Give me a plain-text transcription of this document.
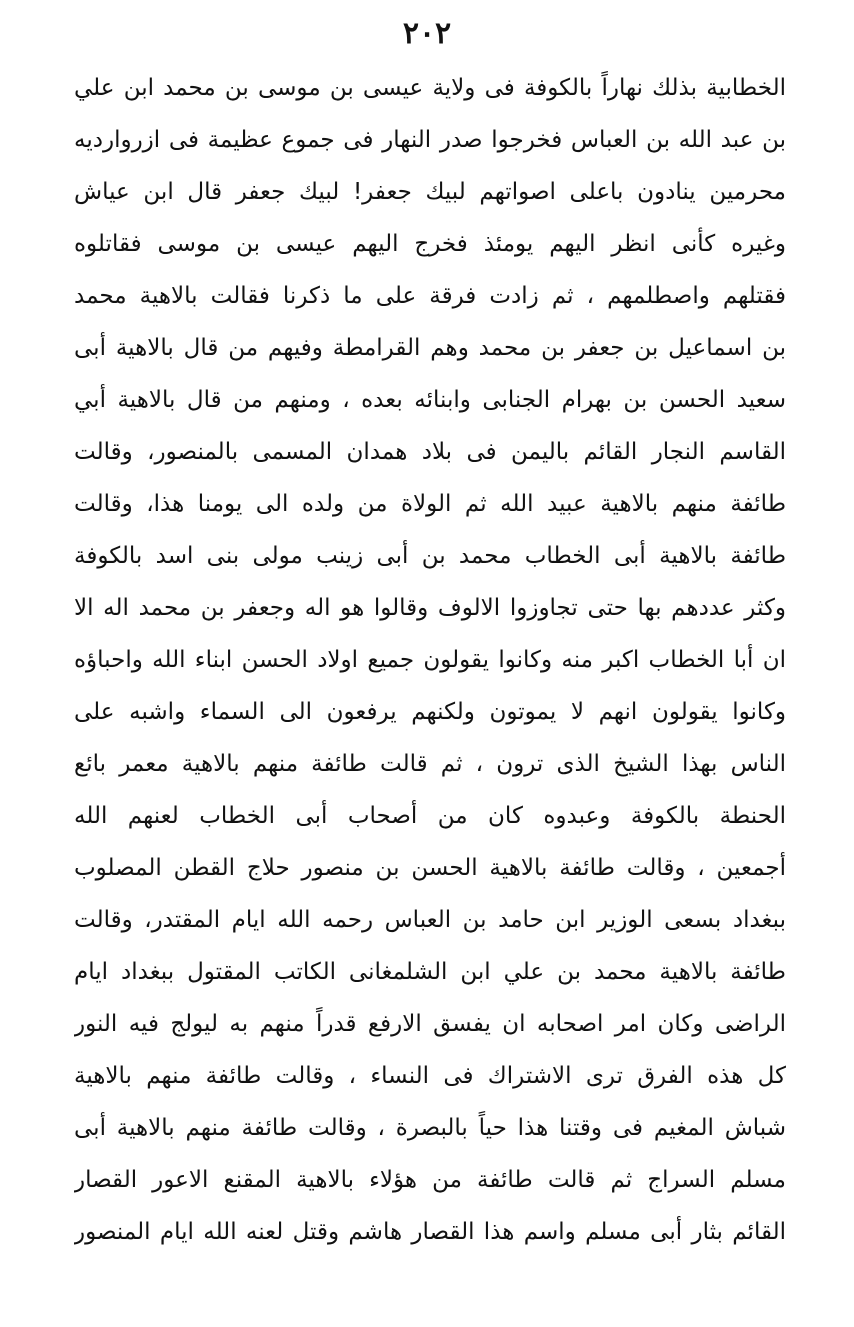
٢٠٢
الخطابية بذلك نهاراً بالكوفة فى ولاية عيسى بن موسى بن محمد ابن علي
بن عبد الله بن العباس فخرجوا صدر النهار فى جموع عظيمة فى ازروارديه
محرمين ينادون باعلى اصواتهم لبيك جعفر! لبيك جعفر قال ابن عياش
وغيره كأنى انظر اليهم يومئذ فخرج اليهم عيسى بن موسى فقاتلوه
فقتلهم واصطلمهم ، ثم زادت فرقة على ما ذكرنا فقالت بالاهية محمد
بن اسماعيل بن جعفر بن محمد وهم القرامطة وفيهم من قال بالاهية أبى
سعيد الحسن بن بهرام الجنابى وابنائه بعده ، ومنهم من قال بالاهية أبي
القاسم النجار القائم باليمن فى بلاد همدان المسمى بالمنصور، وقالت
طائفة منهم بالاهية عبيد الله ثم الولاة من ولده الى يومنا هذا، وقالت
طائفة بالاهية أبى الخطاب محمد بن أبى زينب مولى بنى اسد بالكوفة
وكثر عددهم بها حتى تجاوزوا الالوف وقالوا هو اله وجعفر بن محمد اله الا
ان أبا الخطاب اكبر منه وكانوا يقولون جميع اولاد الحسن ابناء الله واحباؤه
وكانوا يقولون انهم لا يموتون ولكنهم يرفعون الى السماء واشبه على
الناس بهذا الشيخ الذى ترون ، ثم قالت طائفة منهم بالاهية معمر بائع
الحنطة بالكوفة وعبدوه كان من أصحاب أبى الخطاب لعنهم الله
أجمعين ، وقالت طائفة بالاهية الحسن بن منصور حلاج القطن المصلوب
ببغداد بسعى الوزير ابن حامد بن العباس رحمه الله ايام المقتدر، وقالت
طائفة بالاهية محمد بن علي ابن الشلمغانى الكاتب المقتول ببغداد ايام
الراضى وكان امر اصحابه ان يفسق الارفع قدراً منهم به ليولج فيه النور
كل هذه الفرق ترى الاشتراك فى النساء ، وقالت طائفة منهم بالاهية
شباش المغيم فى وقتنا هذا حياً بالبصرة ، وقالت طائفة منهم بالاهية أبى
مسلم السراج ثم قالت طائفة من هؤلاء بالاهية المقنع الاعور القصار
القائم بثار أبى مسلم واسم هذا القصار هاشم وقتل لعنه الله ايام المنصور
